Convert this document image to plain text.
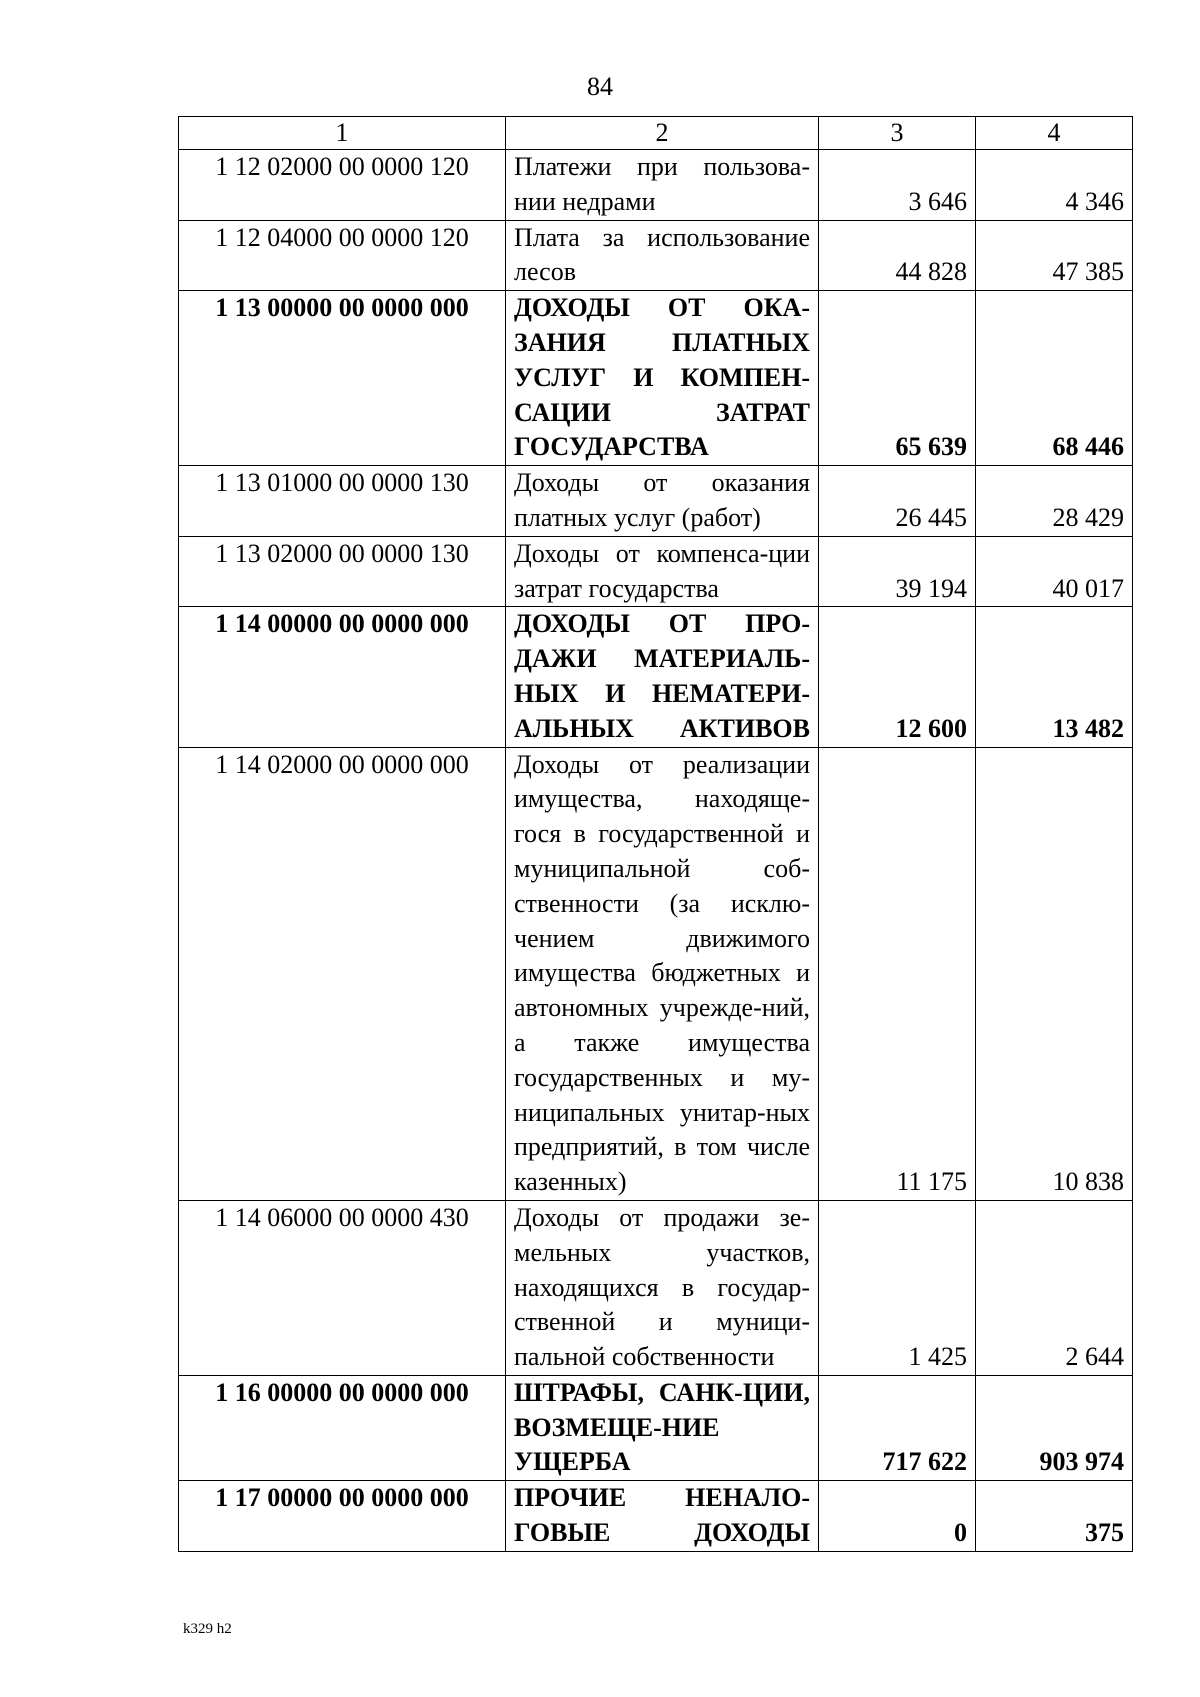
84
1	2	3	4
1 12 02000 00 0000 120	Платежи при пользова-нии недрами	3 646	4 346
1 12 04000 00 0000 120	Плата за использование лесов	44 828	47 385
1 13 00000 00 0000 000	ДОХОДЫ ОТ ОКА-ЗАНИЯ ПЛАТНЫХ УСЛУГ И КОМПЕН-САЦИИ ЗАТРАТ ГОСУДАРСТВА	65 639	68 446
1 13 01000 00 0000 130	Доходы от оказания платных услуг (работ)	26 445	28 429
1 13 02000 00 0000 130	Доходы от компенса-ции затрат государства	39 194	40 017
1 14 00000 00 0000 000	ДОХОДЫ ОТ ПРО-ДАЖИ МАТЕРИАЛЬ-НЫХ И НЕМАТЕРИ-АЛЬНЫХ АКТИВОВ	12 600	13 482
1 14 02000 00 0000 000	Доходы от реализации имущества, находяще-гося в государственной и муниципальной соб-ственности (за исклю-чением движимого имущества бюджетных и автономных учрежде-ний, а также имущества государственных и му-ниципальных унитар-ных предприятий, в том числе казенных)	11 175	10 838
1 14 06000 00 0000 430	Доходы от продажи зе-мельных участков, находящихся в государ-ственной и муници-пальной собственности	1 425	2 644
1 16 00000 00 0000 000	ШТРАФЫ, САНК-ЦИИ, ВОЗМЕЩЕ-НИЕ УЩЕРБА	717 622	903 974
1 17 00000 00 0000 000	ПРОЧИЕ НЕНАЛО-ГОВЫЕ ДОХОДЫ	0	375
k329 h2
